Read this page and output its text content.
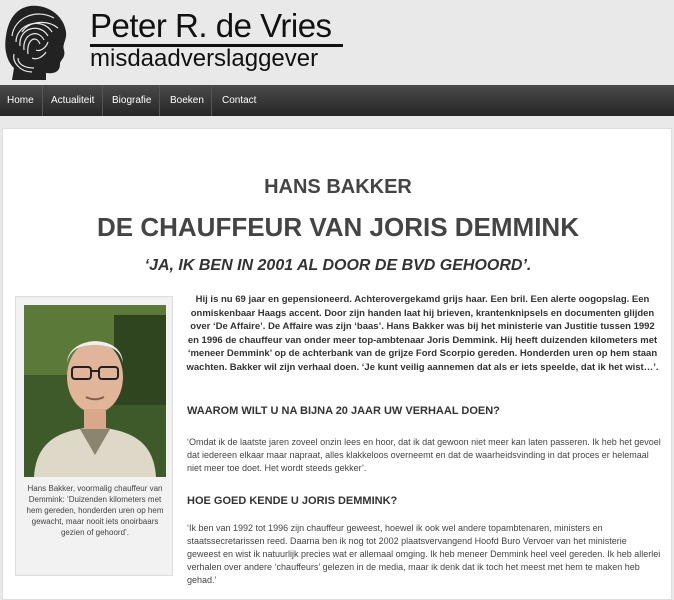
Peter R. de Vries
misdaadverslaggever
Home	Actualiteit	Biografie	Boeken	Contact
HANS BAKKER
DE CHAUFFEUR VAN JORIS DEMMINK
‘JA, IK BEN IN 2001 AL DOOR DE BVD GEHOORD’.
Hans Bakker, voormalig chauffeur van Demmink: ‘Duizenden kilometers met hem gereden, honderden uren op hem gewacht, maar nooit iets onoirbaars gezien of gehoord’.
Hij is nu 69 jaar en gepensioneerd. Achterovergekamd grijs haar. Een bril. Een alerte oogopslag. Een onmiskenbaar Haags accent. Door zijn handen laat hij brieven, krantenknipsels en documenten glijden over ‘De Affaire’. De Affaire was zijn ‘baas’. Hans Bakker was bij het ministerie van Justitie tussen 1992 en 1996 de chauffeur van onder meer top-ambtenaar Joris Demmink. Hij heeft duizenden kilometers met ‘meneer Demmink’ op de achterbank van de grijze Ford Scorpio gereden. Honderden uren op hem staan wachten. Bakker wil zijn verhaal doen. ‘Je kunt veilig aannemen dat als er iets speelde, dat ik het wist…’.
WAAROM WILT U NA BIJNA 20 JAAR UW VERHAAL DOEN?
‘Omdat ik de laatste jaren zoveel onzin lees en hoor, dat ik dat gewoon niet meer kan laten passeren. Ik heb het gevoel dat iedereen elkaar maar napraat, alles klakkeloos overneemt en dat de waarheidsvinding in dat proces er helemaal niet meer toe doet. Het wordt steeds gekker’.
HOE GOED KENDE U JORIS DEMMINK?
‘Ik ben van 1992 tot 1996 zijn chauffeur geweest, hoewel ik ook wel andere topambtenaren, ministers en staatssecretarissen reed. Daarna ben ik nog tot 2002 plaatsvervangend Hoofd Buro Vervoer van het ministerie geweest en wist ik natuurlijk precies wat er allemaal omging. Ik heb meneer Demmink heel veel gereden. Ik heb allerlei verhalen over andere ‘chauffeurs’ gelezen in de media, maar ik denk dat ik toch het meest met hem te maken heb gehad.’
